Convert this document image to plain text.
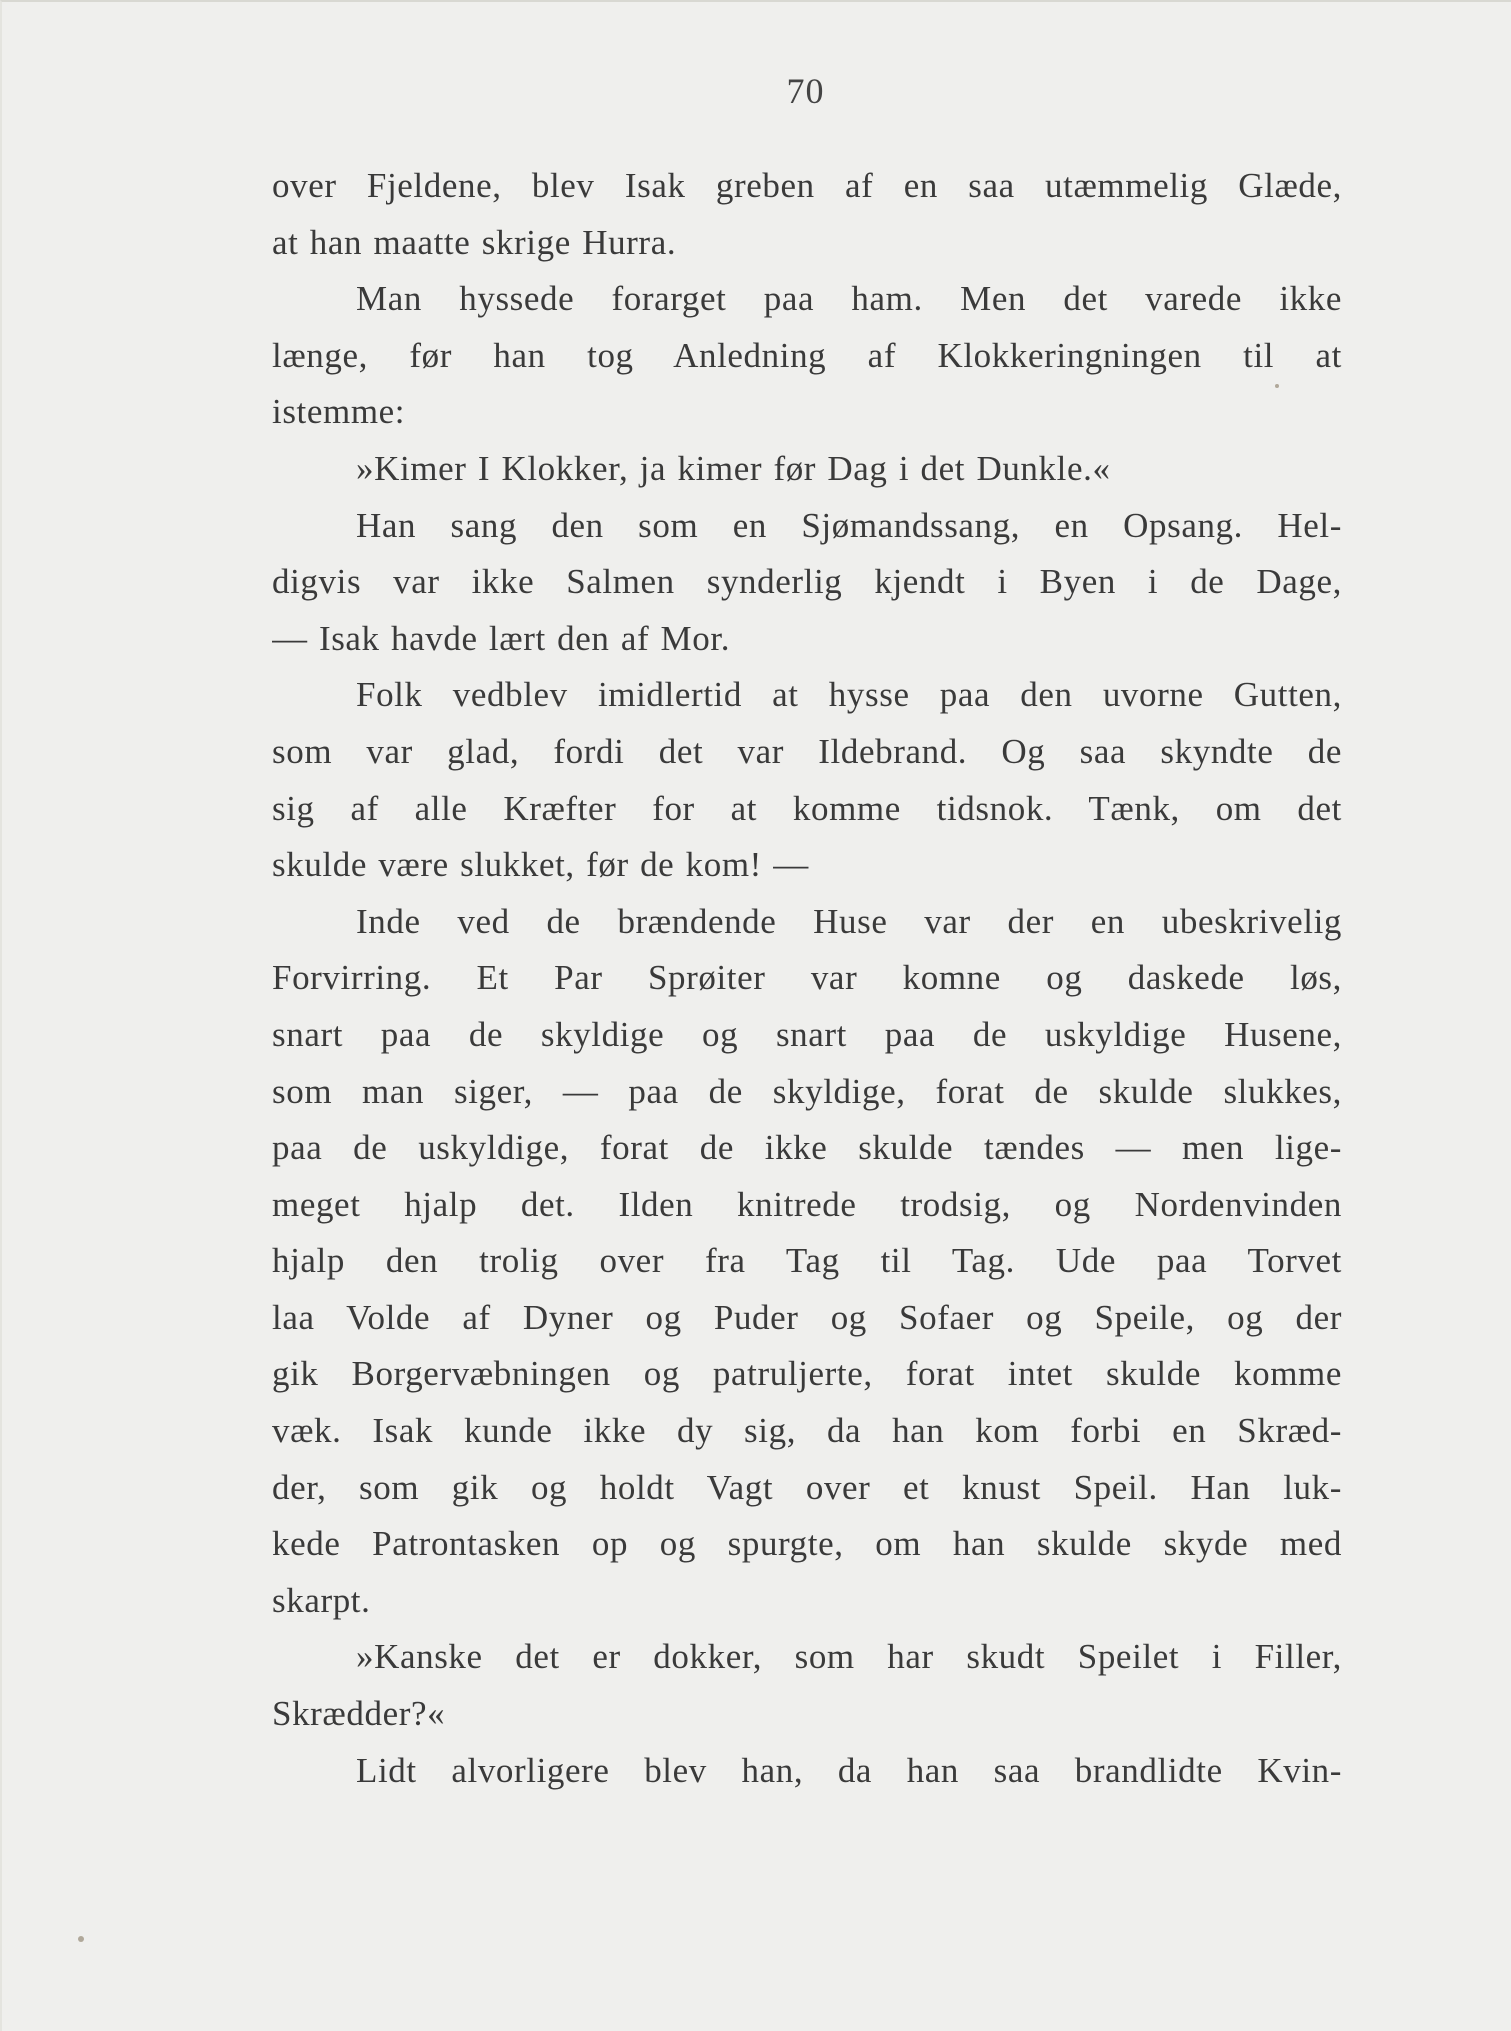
70
over Fjeldene, blev Isak greben af en saa utæmmelig Glæde,
at han maatte skrige Hurra.
Man hyssede forarget paa ham. Men det varede ikke
længe, før han tog Anledning af Klokkeringningen til at
istemme:
»Kimer I Klokker, ja kimer før Dag i det Dunkle.«
Han sang den som en Sjømandssang, en Opsang. Hel-
digvis var ikke Salmen synderlig kjendt i Byen i de Dage,
— Isak havde lært den af Mor.
Folk vedblev imidlertid at hysse paa den uvorne Gutten,
som var glad, fordi det var Ildebrand. Og saa skyndte de
sig af alle Kræfter for at komme tidsnok. Tænk, om det
skulde være slukket, før de kom! —
Inde ved de brændende Huse var der en ubeskrivelig
Forvirring. Et Par Sprøiter var komne og daskede løs,
snart paa de skyldige og snart paa de uskyldige Husene,
som man siger, — paa de skyldige, forat de skulde slukkes,
paa de uskyldige, forat de ikke skulde tændes — men lige-
meget hjalp det. Ilden knitrede trodsig, og Nordenvinden
hjalp den trolig over fra Tag til Tag. Ude paa Torvet
laa Volde af Dyner og Puder og Sofaer og Speile, og der
gik Borgervæbningen og patruljerte, forat intet skulde komme
væk. Isak kunde ikke dy sig, da han kom forbi en Skræd-
der, som gik og holdt Vagt over et knust Speil. Han luk-
kede Patrontasken op og spurgte, om han skulde skyde med
skarpt.
»Kanske det er dokker, som har skudt Speilet i Filler,
Skrædder?«
Lidt alvorligere blev han, da han saa brandlidte Kvin-
